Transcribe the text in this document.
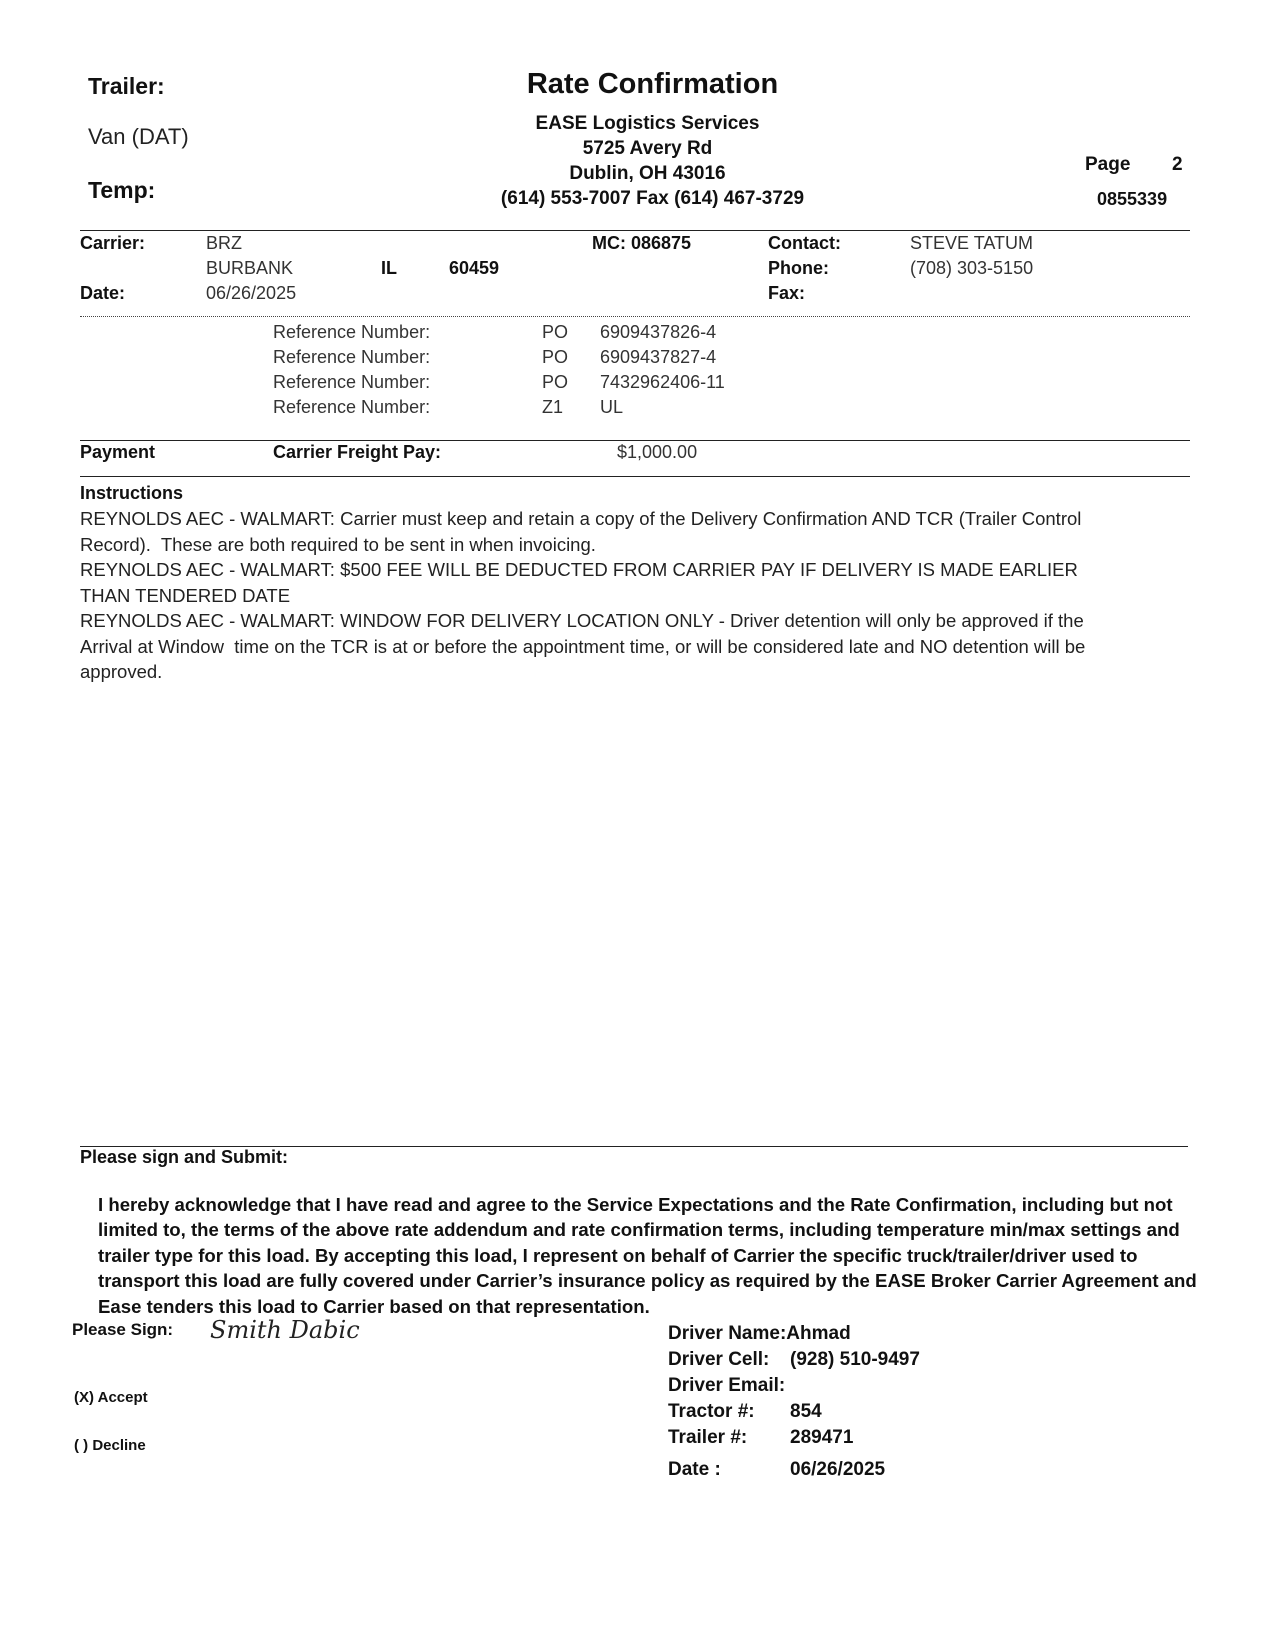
Trailer:
Van (DAT)
Temp:
Rate Confirmation
EASE Logistics Services
5725 Avery Rd
Dublin, OH 43016
(614) 553-7007 Fax (614) 467-3729
Page 2
0855339
Carrier:	BRZ
BURBANK	IL	60459
MC: 086875
Date:	06/26/2025
Contact:	STEVE TATUM
Phone:	(708) 303-5150
Fax:
Reference Number:	PO 6909437826-4
Reference Number:	PO 6909437827-4
Reference Number:	PO 7432962406-11
Reference Number:	Z1 UL
Payment	Carrier Freight Pay:	$1,000.00
Instructions
REYNOLDS AEC - WALMART: Carrier must keep and retain a copy of the Delivery Confirmation AND TCR (Trailer Control Record).  These are both required to be sent in when invoicing.
REYNOLDS AEC - WALMART: $500 FEE WILL BE DEDUCTED FROM CARRIER PAY IF DELIVERY IS MADE EARLIER THAN TENDERED DATE
REYNOLDS AEC - WALMART: WINDOW FOR DELIVERY LOCATION ONLY - Driver detention will only be approved if the  Arrival at Window  time on the TCR is at or before the appointment time, or will be considered late and NO detention will be approved.
Please sign and Submit:
I hereby acknowledge that I have read and agree to the Service Expectations and the Rate Confirmation, including but not limited to, the terms of the above rate addendum and rate confirmation terms, including temperature min/max settings and trailer type for this load. By accepting this load, I represent on behalf of Carrier the specific truck/trailer/driver used to transport this load are fully covered under Carrier’s insurance policy as required by the EASE Broker Carrier Agreement and Ease tenders this load to Carrier based on that representation.
Please Sign: Smith Dabic
(X) Accept
( ) Decline
Driver Name:Ahmad
Driver Cell: (928) 510-9497
Driver Email:
Tractor #: 854
Trailer #: 289471
Date :	06/26/2025
